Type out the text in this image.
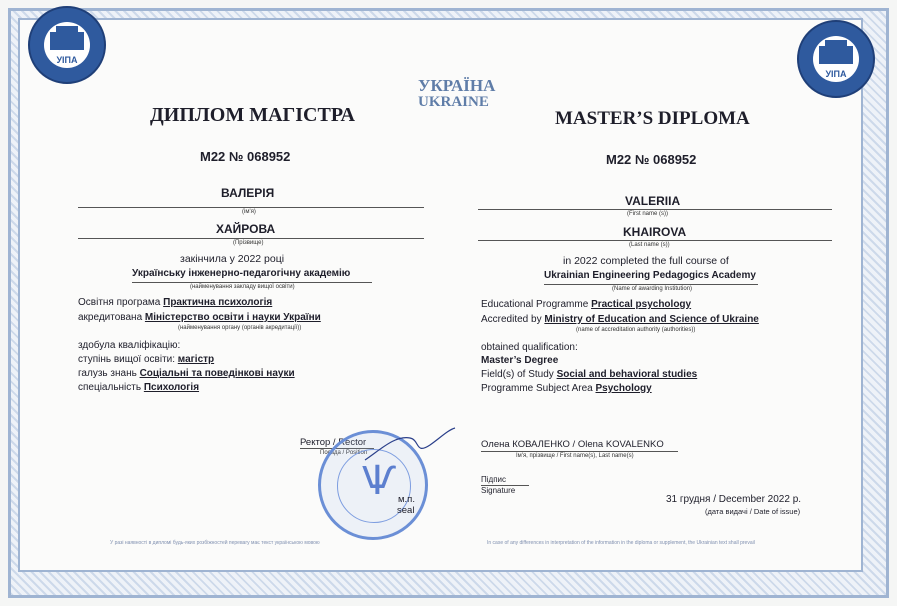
УІПА
УІПА
УКРАЇНА
UKRAINE
ДИПЛОМ МАГІСТРА
М22 № 068952
ВАЛЕРІЯ
(ім'я)
ХАЙРОВА
(Прізвище)
закінчила у 2022 році
Українську інженерно-педагогічну академію
(найменування закладу вищої освіти)
Освітня програма Практична психологія
акредитована Міністерство освіти і науки України
(найменування органу (органів акредитації))
здобула кваліфікацію:
ступінь вищої освіти: магістр
галузь знань Соціальні та поведінкові науки
спеціальність Психологія
Ректор / Rector
Посада / Position
Ѱ м.п.
seal
У разі наявності в дипломі будь-яких розбіжностей перевагу має текст українською мовою
MASTER’S DIPLOMA
М22 № 068952
VALERIIA
(First name (s))
KHAIROVA
(Last name (s))
in 2022 completed the full course of
Ukrainian Engineering Pedagogics Academy
(Name of awarding Institution)
Educational Programme Practical psychology
Accredited by Ministry of Education and Science of Ukraine
(name of accreditation authority (authorities))
obtained qualification:
Master’s Degree
Field(s) of Study Social and behavioral studies
Programme Subject Area Psychology
Олена КОВАЛЕНКО / Olena KOVALENKO
Ім'я, прізвище / First name(s), Last name(s)
Підпис
Signature
31 грудня / December 2022 р.
(дата видачі / Date of issue)
In case of any differences in interpretation of the information in the diploma or supplement, the Ukrainian text shall prevail
